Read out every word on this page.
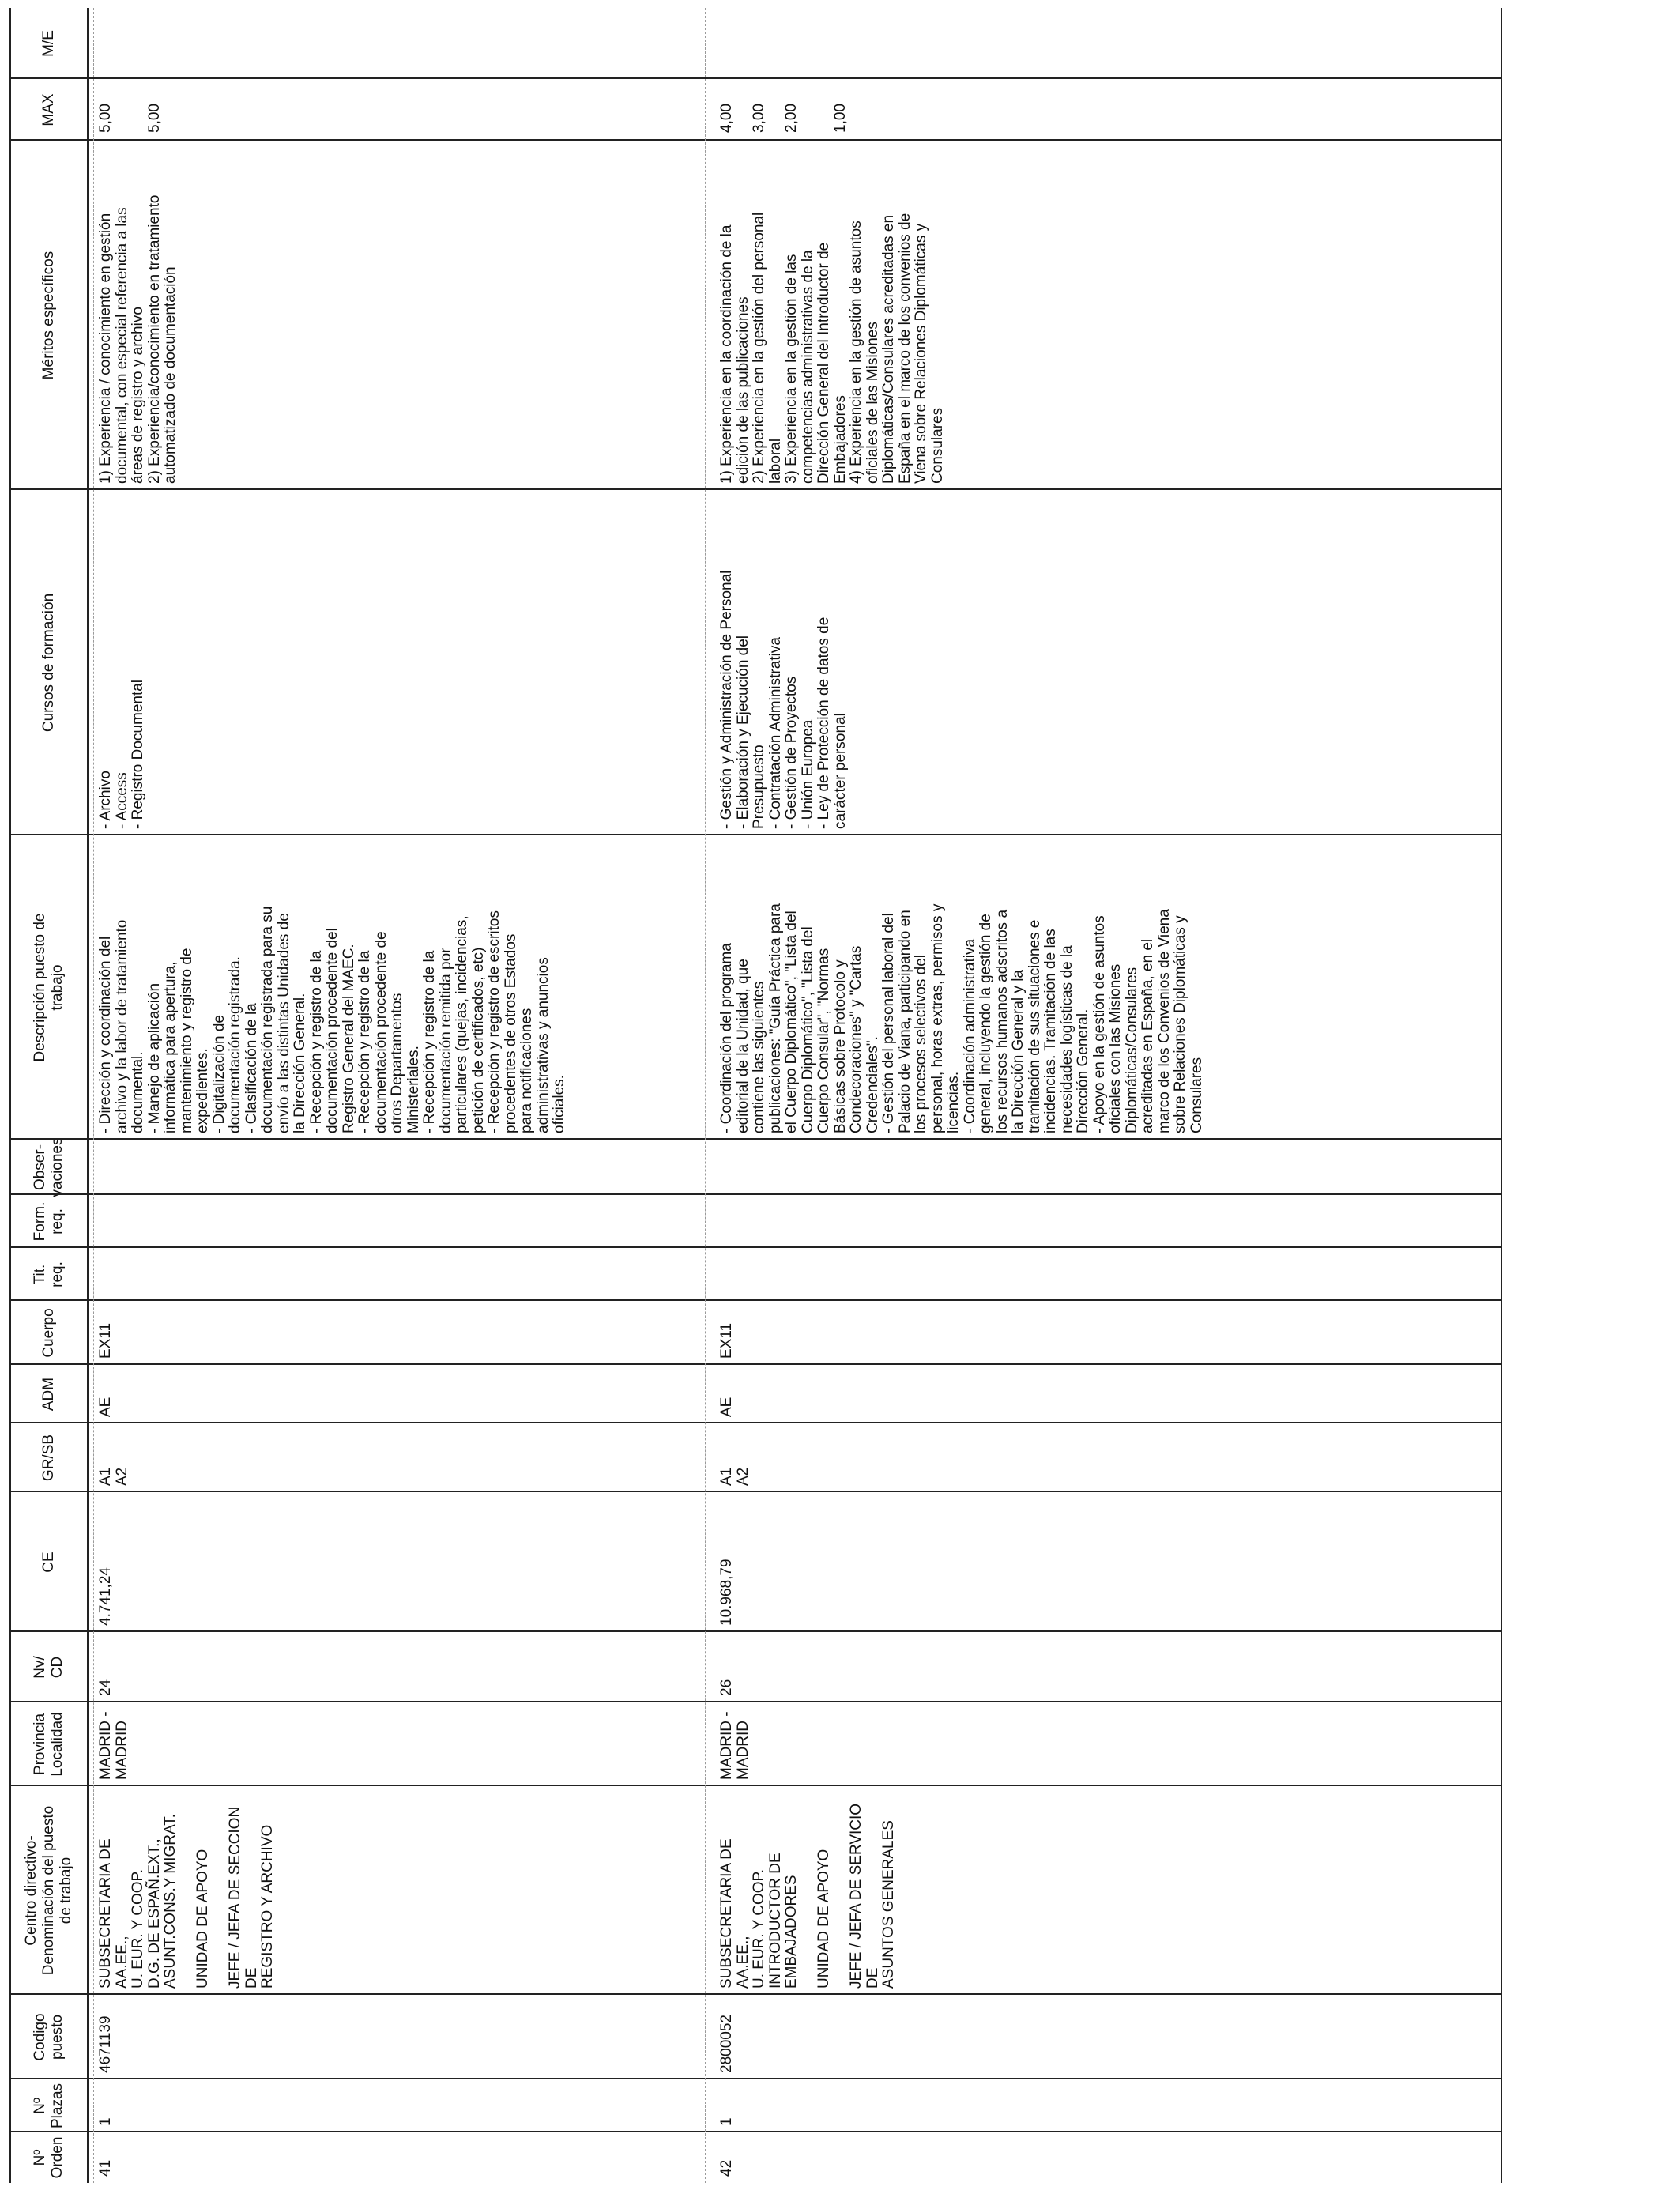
Nº
Orden
Nº
Plazas
Codigo
puesto
Centro directivo-
Denominación del puesto
de trabajo
Provincia
Localidad
Nv/
CD
CE
GR/SB
ADM
Cuerpo
Tit.
req.
Form.
req.
Obser-
vaciones
Descripción puesto de
trabajo
Cursos de formación
Méritos específicos
MAX
M/E
41
1
4671139
SUBSECRETARIA DE AA.EE.,
U. EUR. Y COOP.
D.G. DE ESPAÑ.EXT.,
ASUNT.CONS.Y MIGRAT.

UNIDAD DE APOYO

JEFE / JEFA DE SECCION DE
REGISTRO Y ARCHIVO
MADRID -
MADRID
24
4.741,24
A1
A2
AE
EX11
- Dirección y coordinación del
archivo y la labor de tratamiento
documental.
- Manejo de aplicación
informática para apertura,
mantenimiento y registro de
expedientes.
- Digitalización de
documentación registrada.
- Clasificación de la
documentación registrada para su
envío a las distintas Unidades de
la Dirección General.
- Recepción y registro de la
documentación procedente del
Registro General del MAEC.
- Recepción y registro de la
documentación procedente de
otros Departamentos
Ministeriales.
- Recepción y registro de la
documentación remitida por
particulares (quejas, incidencias,
petición de certificados, etc)
- Recepción y registro de escritos
procedentes de otros Estados
para notificaciones
administrativas y anuncios
oficiales.
- Archivo
- Access
- Registro Documental
1) Experiencia / conocimiento en gestión
documental, con especial referencia a las
áreas de registro y archivo
2) Experiencia/conocimiento en tratamiento
automatizado de documentación
5,00

5,00
42
1
2800052
SUBSECRETARIA DE AA.EE.,
U. EUR. Y COOP.
INTRODUCTOR DE
EMBAJADORES

UNIDAD DE APOYO

JEFE / JEFA DE SERVICIO DE
ASUNTOS GENERALES
MADRID -
MADRID
26
10.968,79
A1
A2
AE
EX11
- Coordinación del programa
editorial de la Unidad, que
contiene las siguientes
publicaciones: "Guía Práctica para
el Cuerpo Diplomático", "Lista del
Cuerpo Diplomático", "Lista del
Cuerpo Consular", "Normas
Básicas sobre Protocolo y
Condecoraciones" y "Cartas
Credenciales".
- Gestión del personal laboral del
Palacio de Viana, participando en
los procesos selectivos del
personal, horas extras, permisos y
licencias.
- Coordinación administrativa
general, incluyendo la gestión de
los recursos humanos adscritos a
la Dirección General y la
tramitación de sus situaciones e
incidencias. Tramitación de las
necesidades logísticas de la
Dirección General.
- Apoyo en la gestión de asuntos
oficiales con las Misiones
Diplomáticas/Consulares
acreditadas en España, en el
marco de los Convenios de Viena
sobre Relaciones Diplomáticas y
Consulares
- Gestión y Administración de Personal
- Elaboración y Ejecución del
Presupuesto
- Contratación Administrativa
- Gestión de Proyectos
- Unión Europea
- Ley de Protección de datos de
carácter personal
1) Experiencia en la coordinación de la
edición de las publicaciones
2) Experiencia en la gestión del personal
laboral
3) Experiencia en la gestión de las
competencias administrativas de la
Dirección General del Introductor de
Embajadores
4) Experiencia en la gestión de asuntos
oficiales de las Misiones
Diplomáticas/Consulares acreditadas en
España en el marco de los convenios de
Viena sobre Relaciones Diplomáticas y
Consulares
4,00

3,00

2,00

1,00
